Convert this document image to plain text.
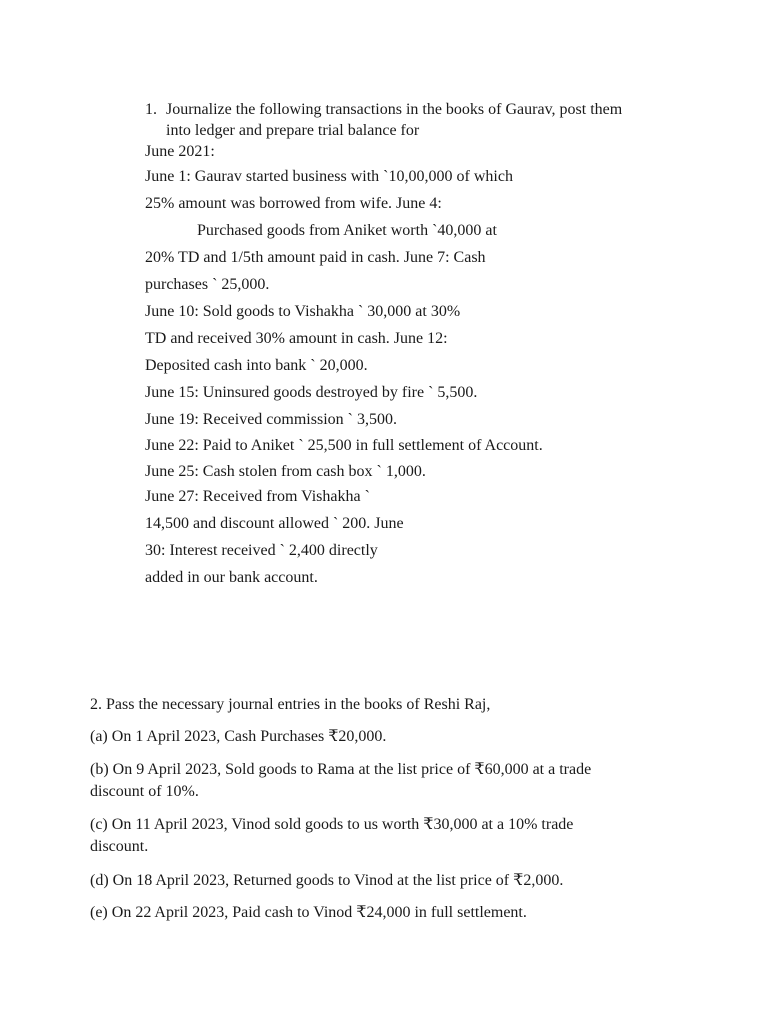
1. Journalize the following transactions in the books of Gaurav, post them
into ledger and prepare trial balance for
June 2021:
June 1: Gaurav started business with `10,00,000 of which
25% amount was borrowed from wife. June 4:
Purchased goods from Aniket worth `40,000 at
20% TD and 1/5th amount paid in cash. June 7: Cash
purchases ` 25,000.
June 10: Sold goods to Vishakha ` 30,000 at 30%
TD and received 30% amount in cash. June 12:
Deposited cash into bank ` 20,000.
June 15: Uninsured goods destroyed by fire ` 5,500.
June 19: Received commission ` 3,500.
June 22: Paid to Aniket ` 25,500 in full settlement of Account.
June 25: Cash stolen from cash box ` 1,000.
June 27: Received from Vishakha `
14,500 and discount allowed ` 200. June
30: Interest received ` 2,400 directly
added in our bank account.
2. Pass the necessary journal entries in the books of Reshi Raj,
(a) On 1 April 2023, Cash Purchases ₹20,000.
(b) On 9 April 2023, Sold goods to Rama at the list price of ₹60,000 at a trade
discount of 10%.
(c) On 11 April 2023, Vinod sold goods to us worth ₹30,000 at a 10% trade
discount.
(d) On 18 April 2023, Returned goods to Vinod at the list price of ₹2,000.
(e) On 22 April 2023, Paid cash to Vinod ₹24,000 in full settlement.
